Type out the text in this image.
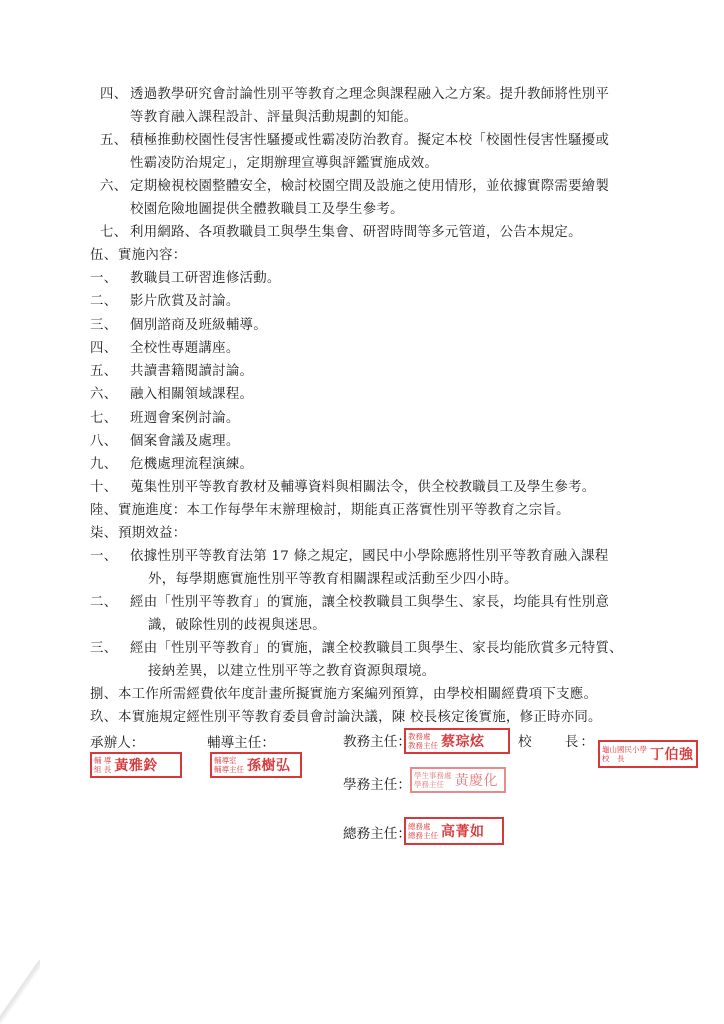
四、 透過教學研究會討論性別平等教育之理念與課程融入之方案。提升教師將性別平
等教育融入課程設計、評量與活動規劃的知能。
五、 積極推動校園性侵害性騷擾或性霸凌防治教育。擬定本校「校園性侵害性騷擾或
性霸凌防治規定」，定期辦理宣導與評鑑實施成效。
六、 定期檢視校園整體安全，檢討校園空間及設施之使用情形，並依據實際需要繪製
校園危險地圖提供全體教職員工及學生參考。
七、 利用網路、各項教職員工與學生集會、研習時間等多元管道，公告本規定。
伍、 實施內容：
一、 教職員工研習進修活動。
二、 影片欣賞及討論。
三、 個別諮商及班級輔導。
四、 全校性專題講座。
五、 共讀書籍閱讀討論。
六、 融入相關領域課程。
七、 班週會案例討論。
八、 個案會議及處理。
九、 危機處理流程演練。
十、 蒐集性別平等教育教材及輔導資料與相關法令，供全校教職員工及學生參考。
陸、 實施進度：本工作每學年末辦理檢討，期能真正落實性別平等教育之宗旨。
柒、 預期效益：
一、 依據性別平等教育法第 17 條之規定，國民中小學除應將性別平等教育融入課程
外，每學期應實施性別平等教育相關課程或活動至少四小時。
二、 經由「性別平等教育」的實施，讓全校教職員工與學生、家長，均能具有性別意
識，破除性別的歧視與迷思。
三、 經由「性別平等教育」的實施，讓全校教職員工與學生、家長均能欣賞多元特質、
接納差異，以建立性別平等之教育資源與環境。
捌、 本工作所需經費依年度計畫所擬實施方案編列預算，由學校相關經費項下支應。
玖、 本實施規定經性別平等教育委員會討論決議，陳 校長核定後實施，修正時亦同。
承辦人：	輔導主任：	教務主任：	校　　長：
學務主任：
總務主任：
輔 導
組 長 黃雅鈴	輔導室
輔導主任 孫樹弘
教務處
教務主任 蔡琮炫	龜山國民小學
校　長	丁伯強
學生事務處
學務主任 黃慶化
總務處
總務主任 高菁如
